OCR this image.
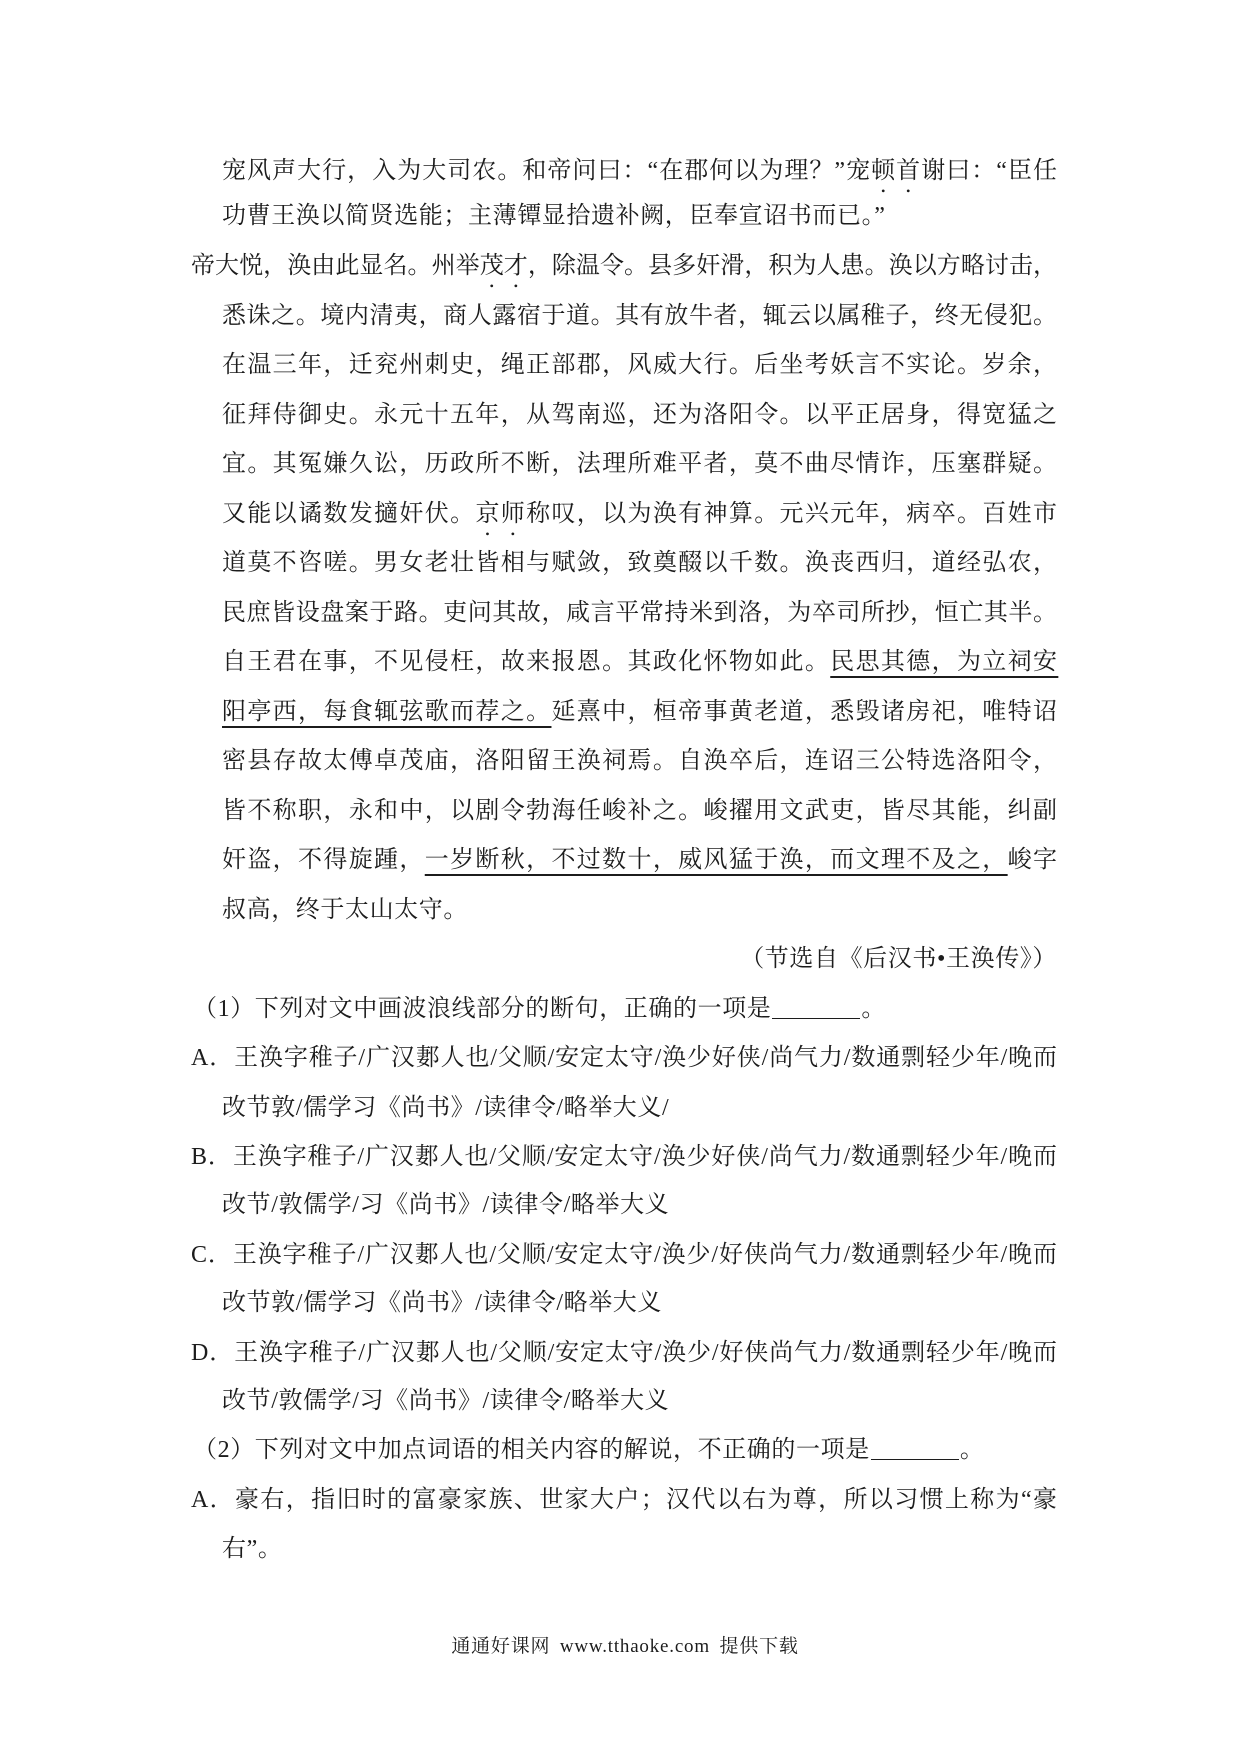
宠风声大行，入为大司农。和帝问曰：“在郡何以为理？”宠顿首谢曰：“臣任
功曹王涣以简贤选能；主薄镡显拾遗补阙，臣奉宣诏书而已。”
帝大悦，涣由此显名。州举茂才，除温令。县多奸滑，积为人患。涣以方略讨击，
悉诛之。境内清夷，商人露宿于道。其有放牛者，辄云以属稚子，终无侵犯。
在温三年，迁兖州刺史，绳正部郡，风威大行。后坐考妖言不实论。岁余，
征拜侍御史。永元十五年，从驾南巡，还为洛阳令。以平正居身，得宽猛之
宜。其冤嫌久讼，历政所不断，法理所难平者，莫不曲尽情诈，压塞群疑。
又能以谲数发擿奸伏。京师称叹，以为涣有神算。元兴元年，病卒。百姓市
道莫不咨嗟。男女老壮皆相与赋敛，致奠醊以千数。涣丧西归，道经弘农，
民庶皆设盘案于路。吏问其故，咸言平常持米到洛，为卒司所抄，恒亡其半。
自王君在事，不见侵枉，故来报恩。其政化怀物如此。民思其德，为立祠安
阳亭西，每食辄弦歌而荐之。延熹中，桓帝事黄老道，悉毁诸房祀，唯特诏
密县存故太傅卓茂庙，洛阳留王涣祠焉。自涣卒后，连诏三公特选洛阳令，
皆不称职，永和中，以剧令勃海任峻补之。峻擢用文武吏，皆尽其能，纠副
奸盗，不得旋踵，一岁断秋，不过数十，威风猛于涣，而文理不及之，峻字
叔高，终于太山太守。
（节选自《后汉书•王涣传》）
（1）下列对文中画波浪线部分的断句，正确的一项是	。
A．王涣字稚子/广汉郪人也/父顺/安定太守/涣少好侠/尚气力/数通剽轻少年/晚而
改节敦/儒学习《尚书》/读律令/略举大义/
B．王涣字稚子/广汉郪人也/父顺/安定太守/涣少好侠/尚气力/数通剽轻少年/晚而
改节/敦儒学/习《尚书》/读律令/略举大义
C．王涣字稚子/广汉郪人也/父顺/安定太守/涣少/好侠尚气力/数通剽轻少年/晚而
改节敦/儒学习《尚书》/读律令/略举大义
D．王涣字稚子/广汉郪人也/父顺/安定太守/涣少/好侠尚气力/数通剽轻少年/晚而
改节/敦儒学/习《尚书》/读律令/略举大义
（2）下列对文中加点词语的相关内容的解说，不正确的一项是	。
A．豪右，指旧时的富豪家族、世家大户；汉代以右为尊，所以习惯上称为“豪
右”。
通通好课网 www.tthaoke.com 提供下载
